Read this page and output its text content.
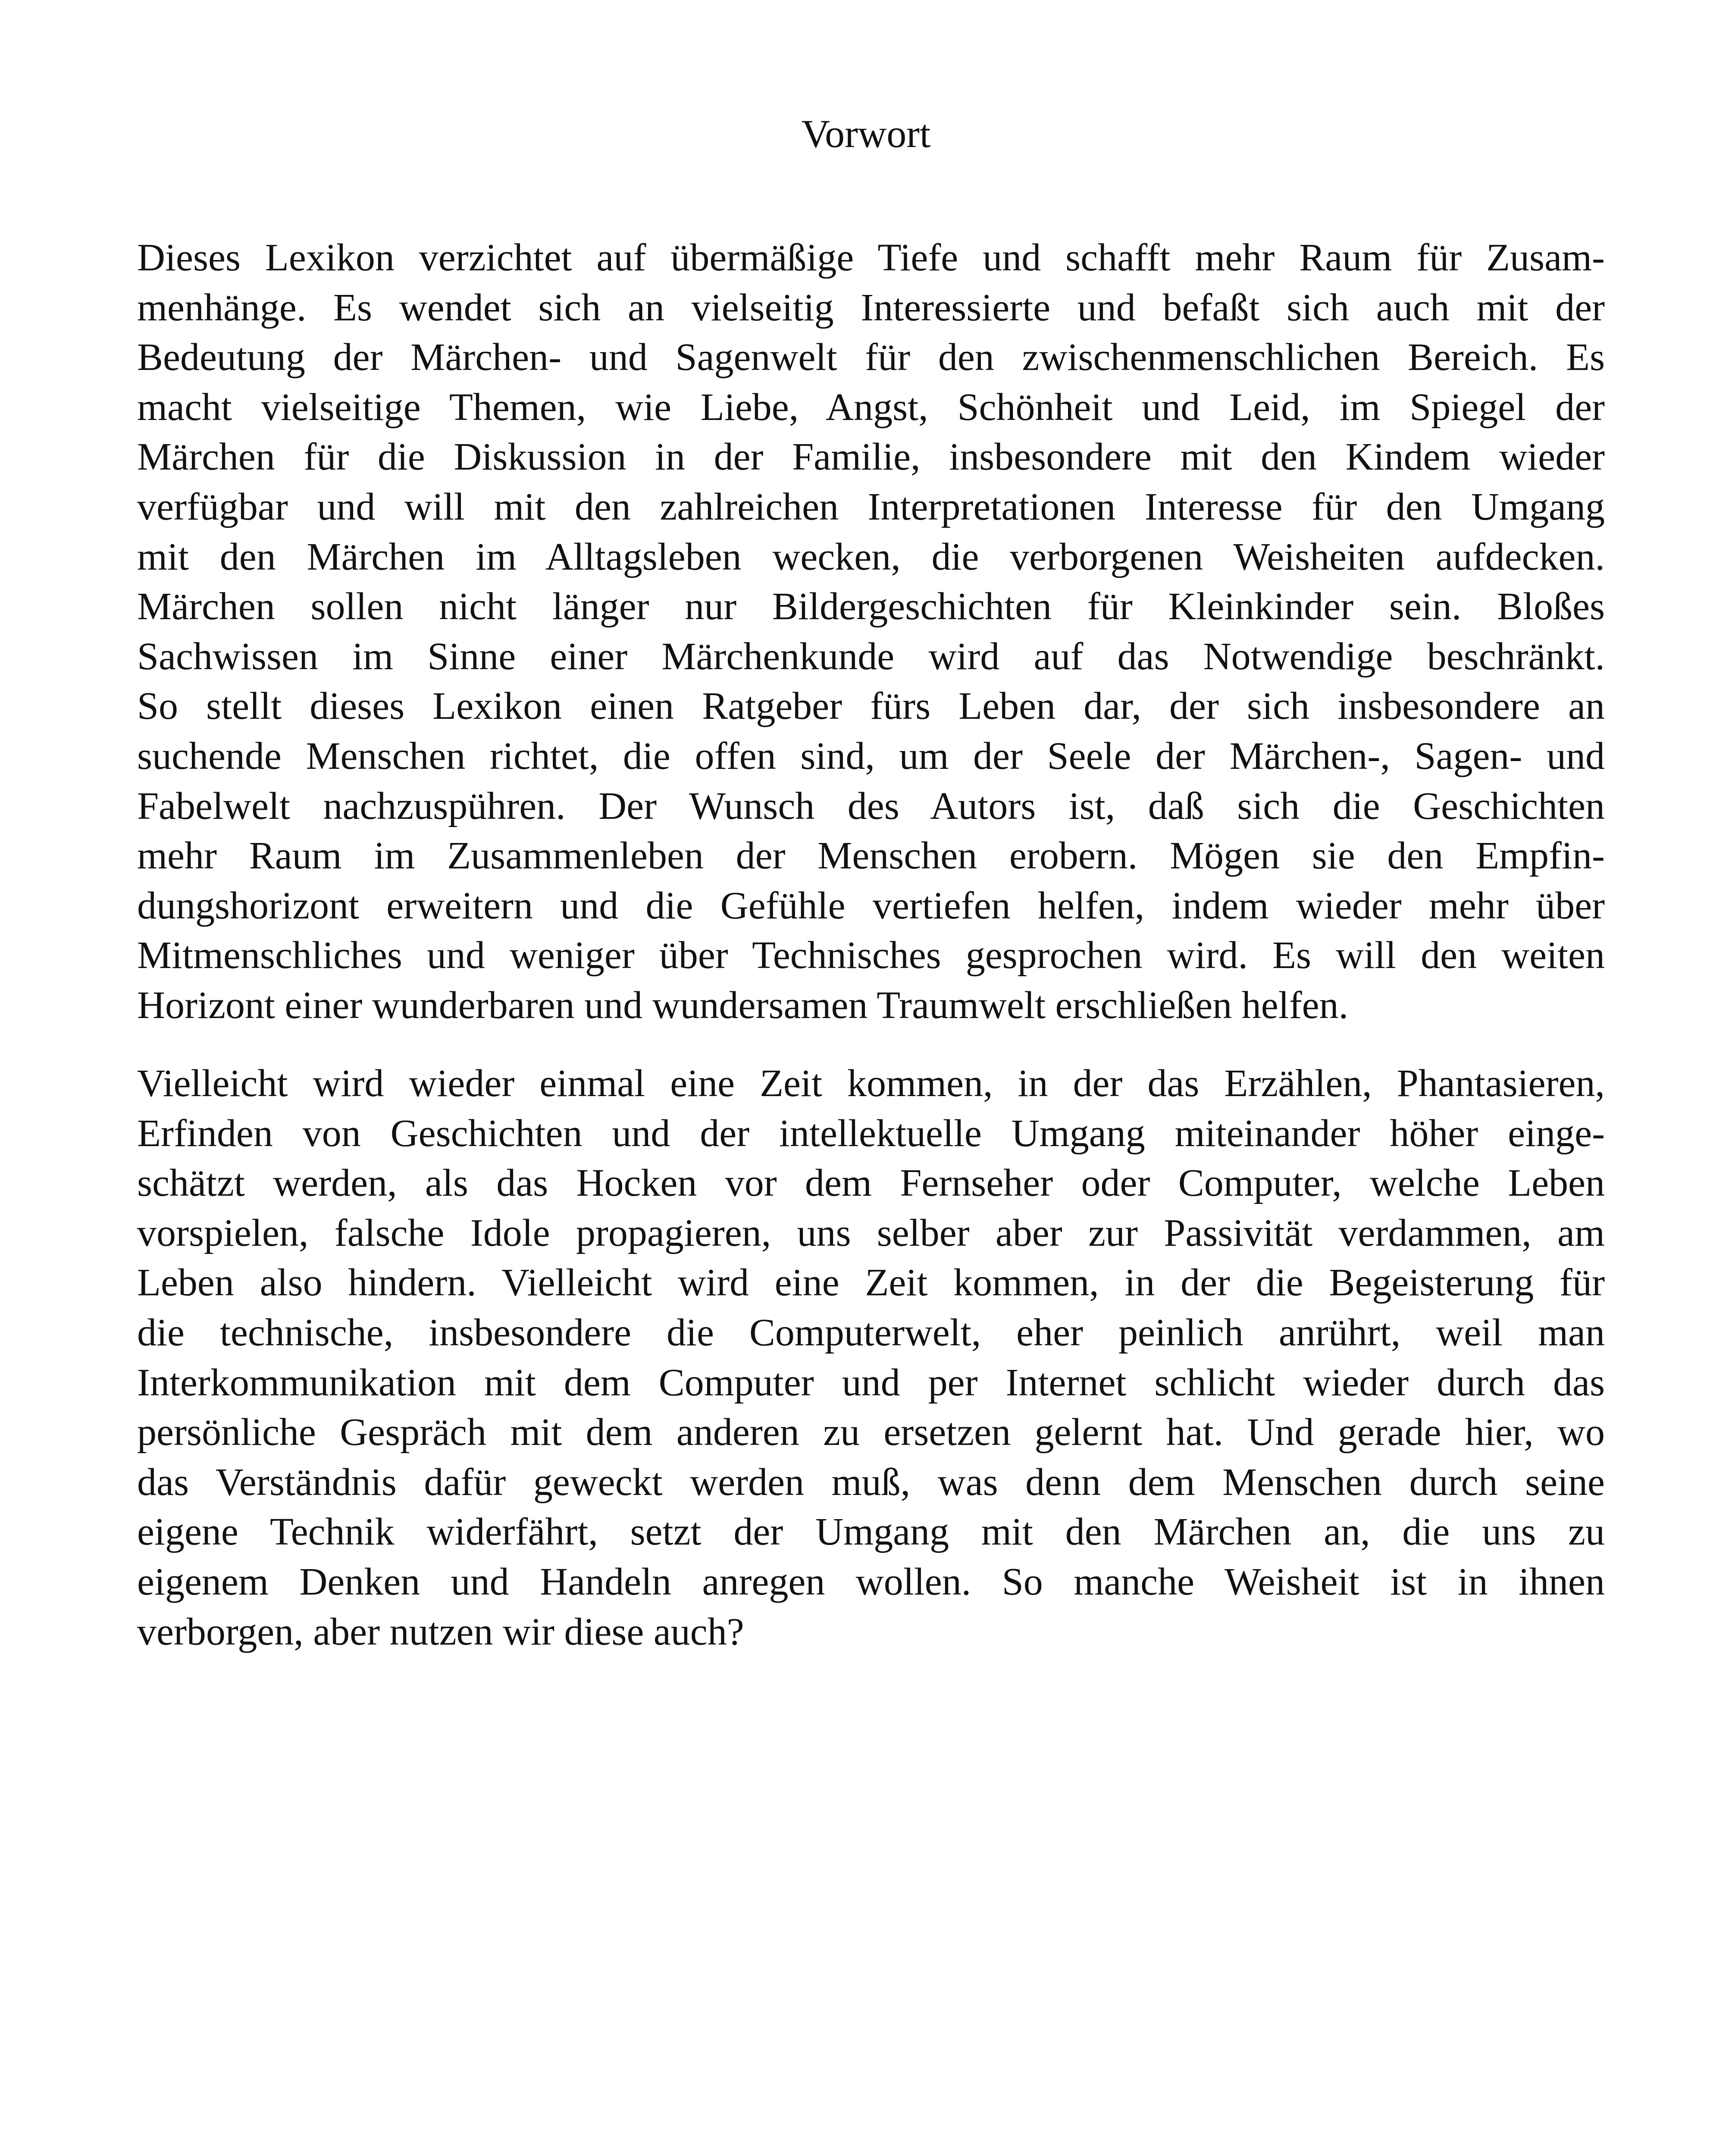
Vorwort
Dieses Lexikon verzichtet auf übermäßige Tiefe und schafft mehr Raum für Zusam-
menhänge. Es wendet sich an vielseitig Interessierte und befaßt sich auch mit der
Bedeutung der Märchen- und Sagenwelt für den zwischenmenschlichen Bereich. Es
macht vielseitige Themen, wie Liebe, Angst, Schönheit und Leid, im Spiegel der
Märchen für die Diskussion in der Familie, insbesondere mit den Kindem wieder
verfügbar und will mit den zahlreichen Interpretationen Interesse für den Umgang
mit den Märchen im Alltagsleben wecken, die verborgenen Weisheiten aufdecken.
Märchen sollen nicht länger nur Bildergeschichten für Kleinkinder sein. Bloßes
Sachwissen im Sinne einer Märchenkunde wird auf das Notwendige beschränkt.
So stellt dieses Lexikon einen Ratgeber fürs Leben dar, der sich insbesondere an
suchende Menschen richtet, die offen sind, um der Seele der Märchen-, Sagen- und
Fabelwelt nachzuspühren. Der Wunsch des Autors ist, daß sich die Geschichten
mehr Raum im Zusammenleben der Menschen erobern. Mögen sie den Empfin-
dungshorizont erweitern und die Gefühle vertiefen helfen, indem wieder mehr über
Mitmenschliches und weniger über Technisches gesprochen wird. Es will den weiten
Horizont einer wunderbaren und wundersamen Traumwelt erschließen helfen.
Vielleicht wird wieder einmal eine Zeit kommen, in der das Erzählen, Phantasieren,
Erfinden von Geschichten und der intellektuelle Umgang miteinander höher einge-
schätzt werden, als das Hocken vor dem Fernseher oder Computer, welche Leben
vorspielen, falsche Idole propagieren, uns selber aber zur Passivität verdammen, am
Leben also hindern. Vielleicht wird eine Zeit kommen, in der die Begeisterung für
die technische, insbesondere die Computerwelt, eher peinlich anrührt, weil man
Interkommunikation mit dem Computer und per Internet schlicht wieder durch das
persönliche Gespräch mit dem anderen zu ersetzen gelernt hat. Und gerade hier, wo
das Verständnis dafür geweckt werden muß, was denn dem Menschen durch seine
eigene Technik widerfährt, setzt der Umgang mit den Märchen an, die uns zu
eigenem Denken und Handeln anregen wollen. So manche Weisheit ist in ihnen
verborgen, aber nutzen wir diese auch?
